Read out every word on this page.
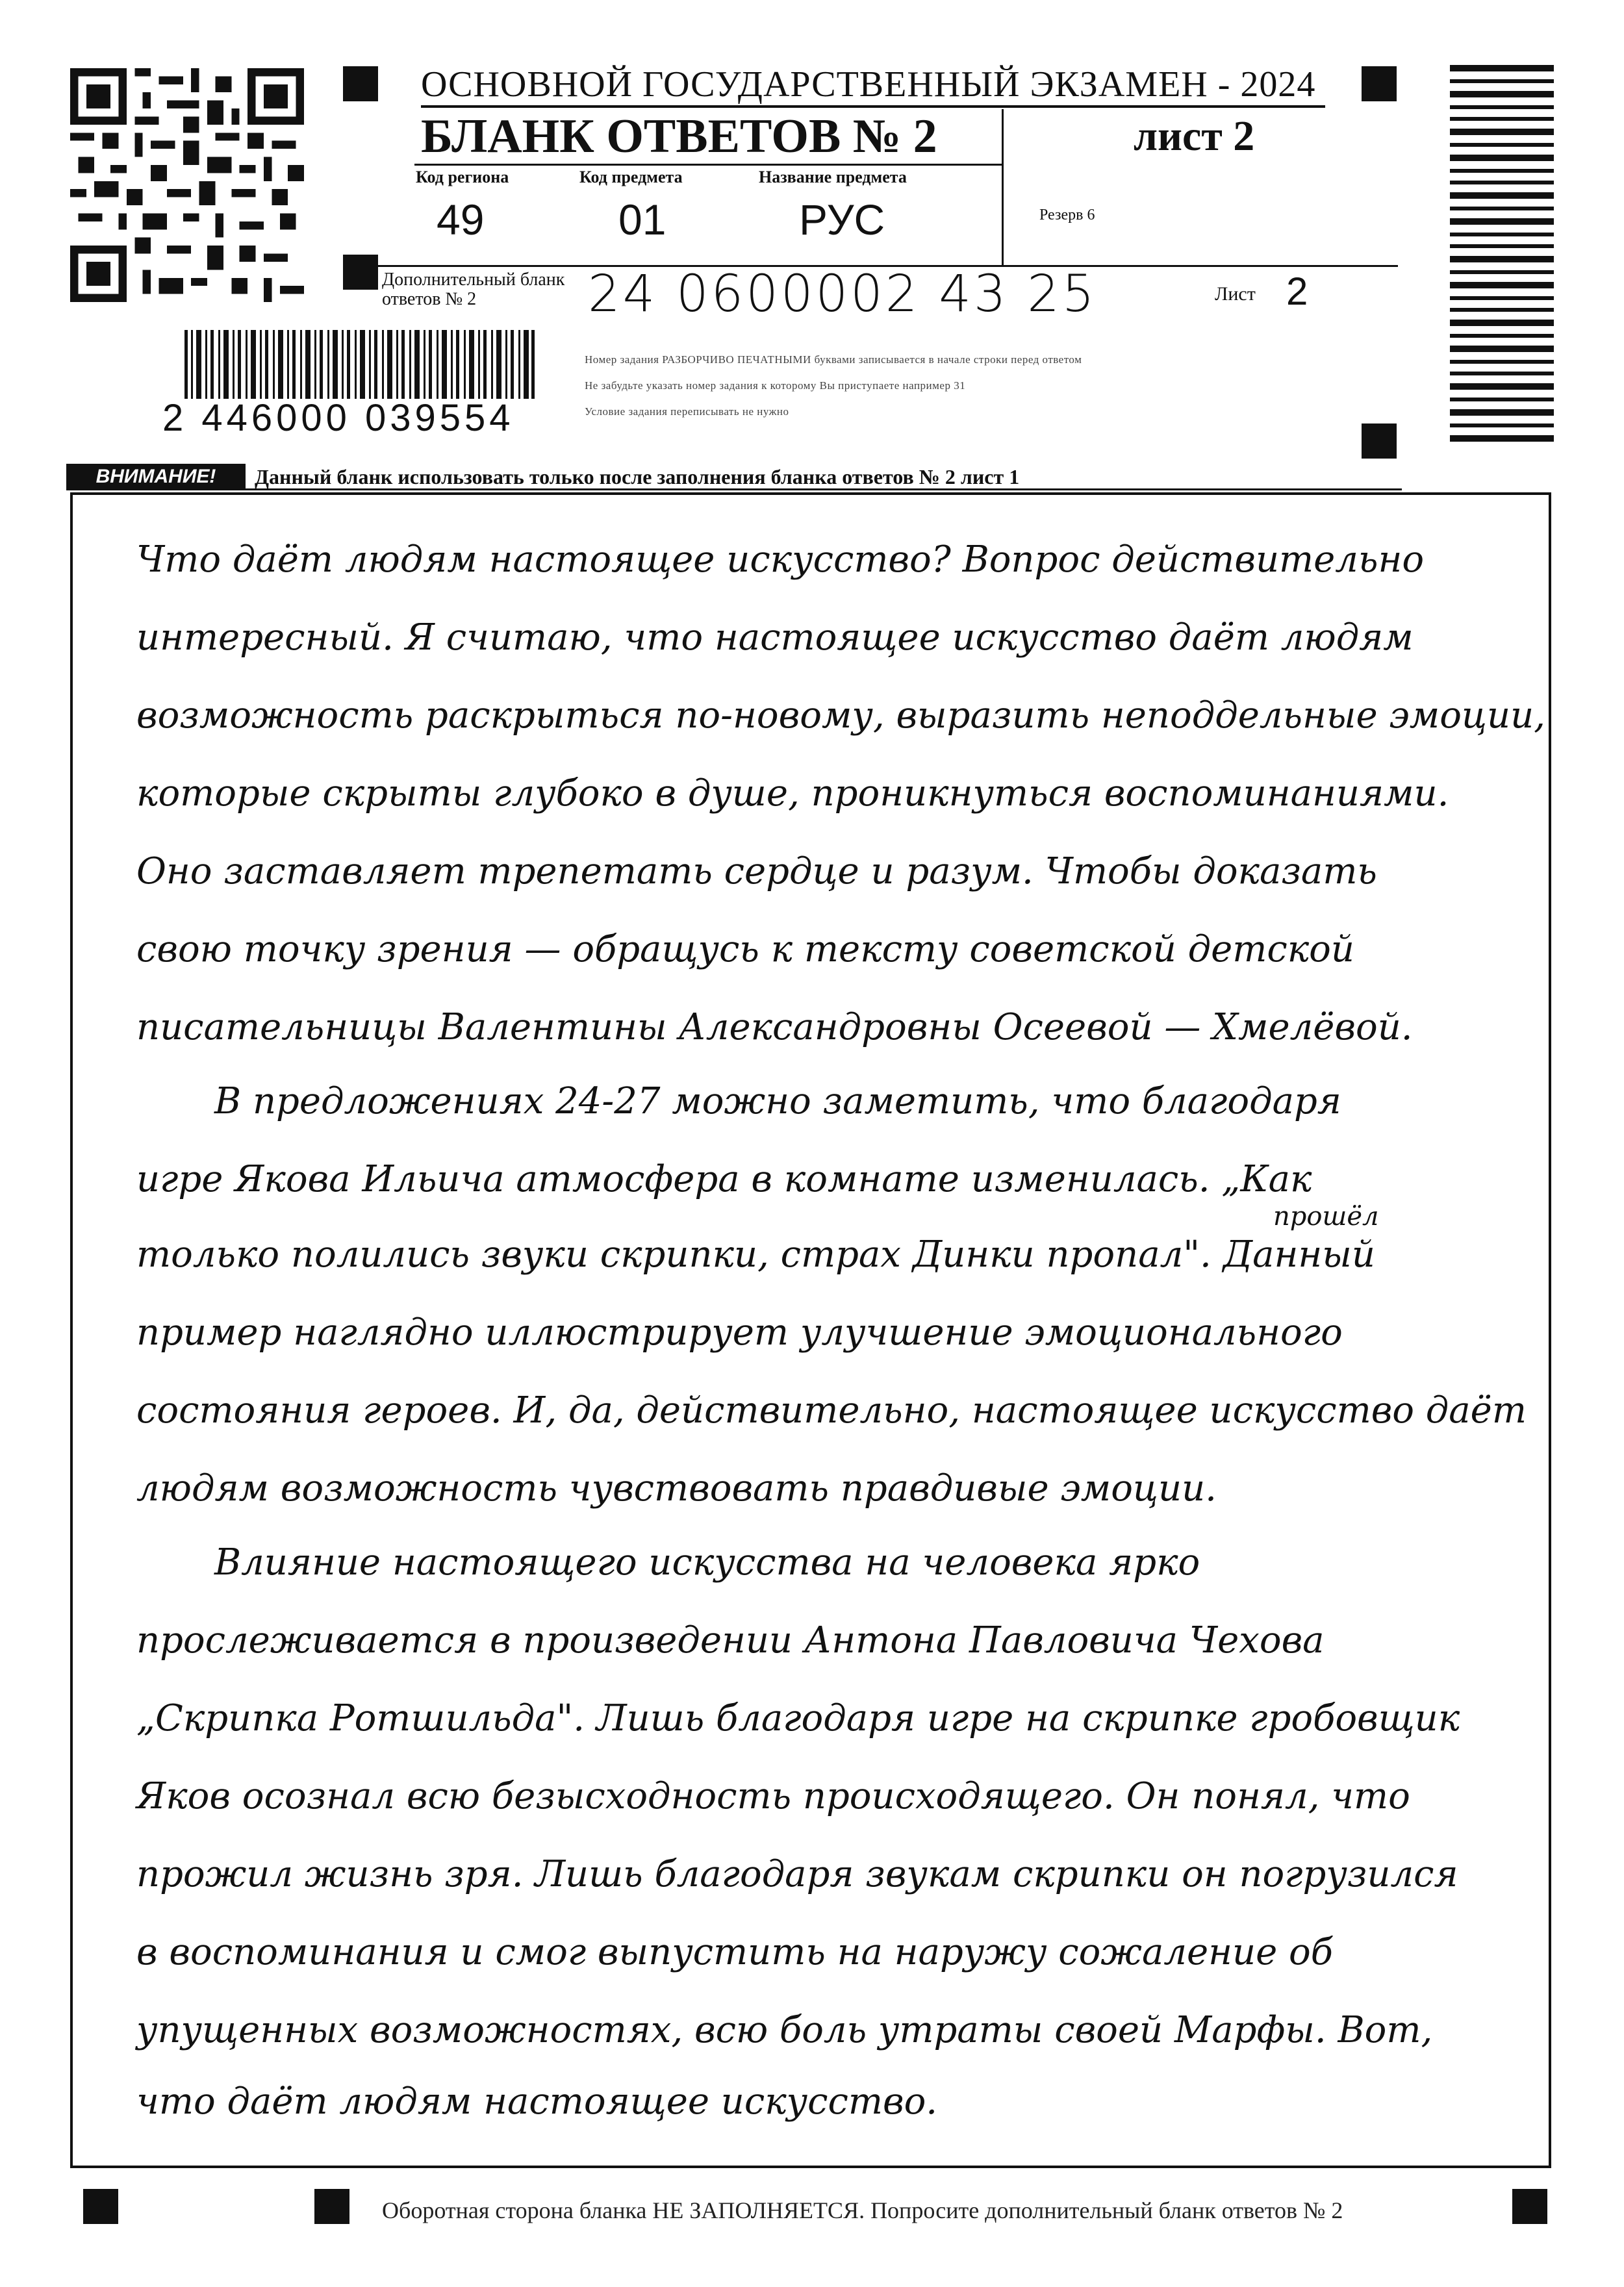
ОСНОВНОЙ ГОСУДАРСТВЕННЫЙ ЭКЗАМЕН - 2024
БЛАНК ОТВЕТОВ № 2	лист 2
Код региона
49
Код предмета
01
Название предмета
РУС	Резерв 6
Дополнительный бланк ответов № 2	24 0600002 43 25	Лист 2
2 446000 039554
Номер задания РАЗБОРЧИВО ПЕЧАТНЫМИ буквами записывается в начале строки перед ответом
Не забудьте указать номер задания к которому Вы приступаете например 31
Условие задания переписывать не нужно
ВНИМАНИЕ!	Данный бланк использовать только после заполнения бланка ответов № 2 лист 1
Что даёт людям настоящее искусство? Вопрос действительно
интересный. Я считаю, что настоящее искусство даёт людям
возможность раскрыться по-новому, выразить неподдельные эмоции,
которые скрыты глубоко в душе, проникнуться воспоминаниями.
Оно заставляет трепетать сердце и разум. Чтобы доказать
свою точку зрения — обращусь к тексту советской детской
писательницы Валентины Александровны Осеевой — Хмелёвой.
В предложениях 24-27 можно заметить, что благодаря
игре Якова Ильича атмосфера в комнате изменилась. „Как
прошёл
только полились звуки скрипки, страх Динки пропал". Данный
пример наглядно иллюстрирует улучшение эмоционального
состояния героев. И, да, действительно, настоящее искусство даёт
людям возможность чувствовать правдивые эмоции.
Влияние настоящего искусства на человека ярко
прослеживается в произведении Антона Павловича Чехова
„Скрипка Ротшильда". Лишь благодаря игре на скрипке гробовщик
Яков осознал всю безысходность происходящего. Он понял, что
прожил жизнь зря. Лишь благодаря звукам скрипки он погрузился
в воспоминания и смог выпустить на наружу сожаление об
упущенных возможностях, всю боль утраты своей Марфы. Вот,
что даёт людям настоящее искусство.
Оборотная сторона бланка НЕ ЗАПОЛНЯЕТСЯ. Попросите дополнительный бланк ответов № 2
